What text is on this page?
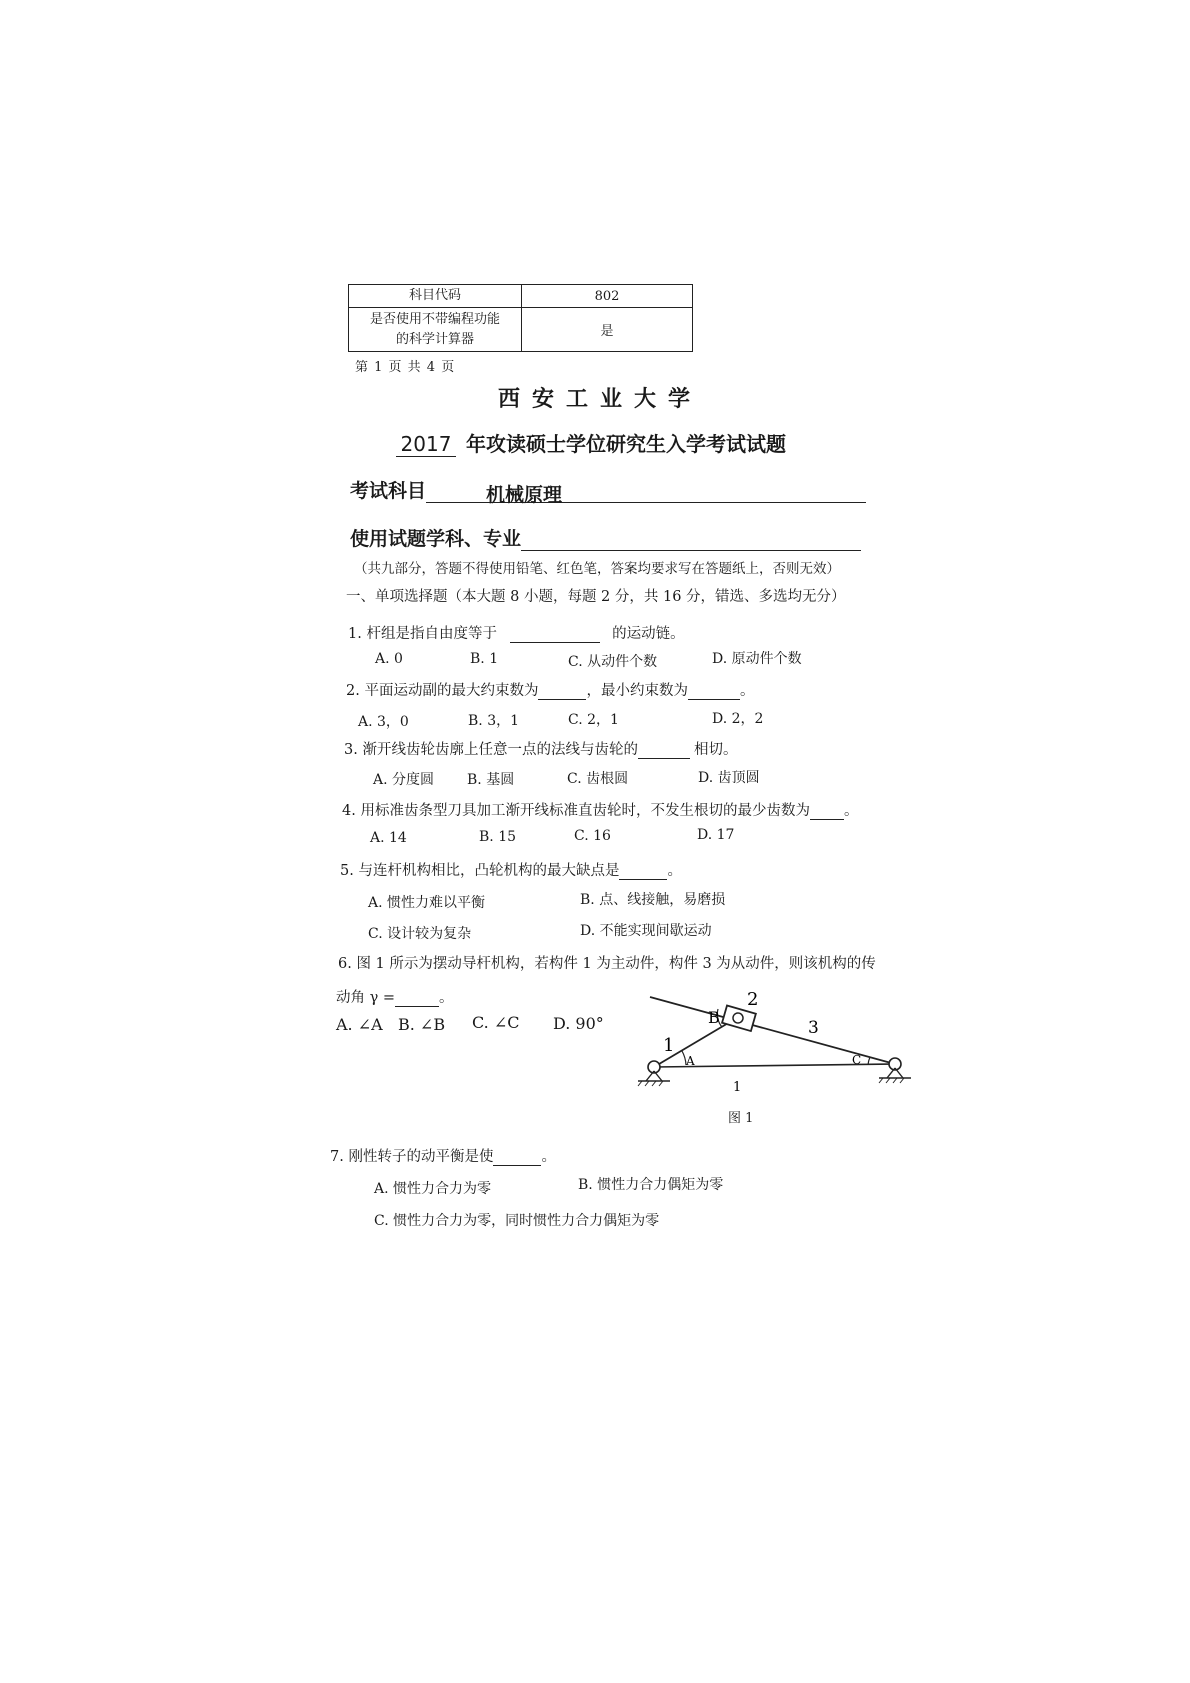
科目代码	802

是否使用不带编程功能
的科学计算器	是
第 1 页 共 4 页
西安工业大学
2017 年攻读硕士学位研究生入学考试试题
考试科目	机械原理
使用试题学科、专业
（共九部分，答题不得使用铅笔、红色笔，答案均要求写在答题纸上，否则无效）
一、单项选择题（本大题 8 小题，每题 2 分，共 16 分，错选、多选均无分）
1. 杆组是指自由度等于	的运动链。
A. 0	B. 1	C. 从动件个数	D. 原动件个数
2. 平面运动副的最大约束数为	，最小约束数为	。
A. 3，0	B. 3，1	C. 2，1	D. 2，2
3. 渐开线齿轮齿廓上任意一点的法线与齿轮的	相切。
A. 分度圆 B. 基圆	C. 齿根圆	D. 齿顶圆
4. 用标准齿条型刀具加工渐开线标准直齿轮时，不发生根切的最少齿数为 。
A. 14	B. 15	C. 16	D. 17
5. 与连杆机构相比，凸轮机构的最大缺点是	。
A. 惯性力难以平衡	B. 点、线接触，易磨损
C. 设计较为复杂	D. 不能实现间歇运动
6. 图 1 所示为摆动导杆机构，若构件 1 为主动件，构件 3 为从动件，则该机构的传
动角 γ =	。
A. ∠A B. ∠B C. ∠C D. 90°	B
2
3
1
A	C
1
图 1
7. 刚性转子的动平衡是使	。
A. 惯性力合力为零	B. 惯性力合力偶矩为零
C. 惯性力合力为零，同时惯性力合力偶矩为零
